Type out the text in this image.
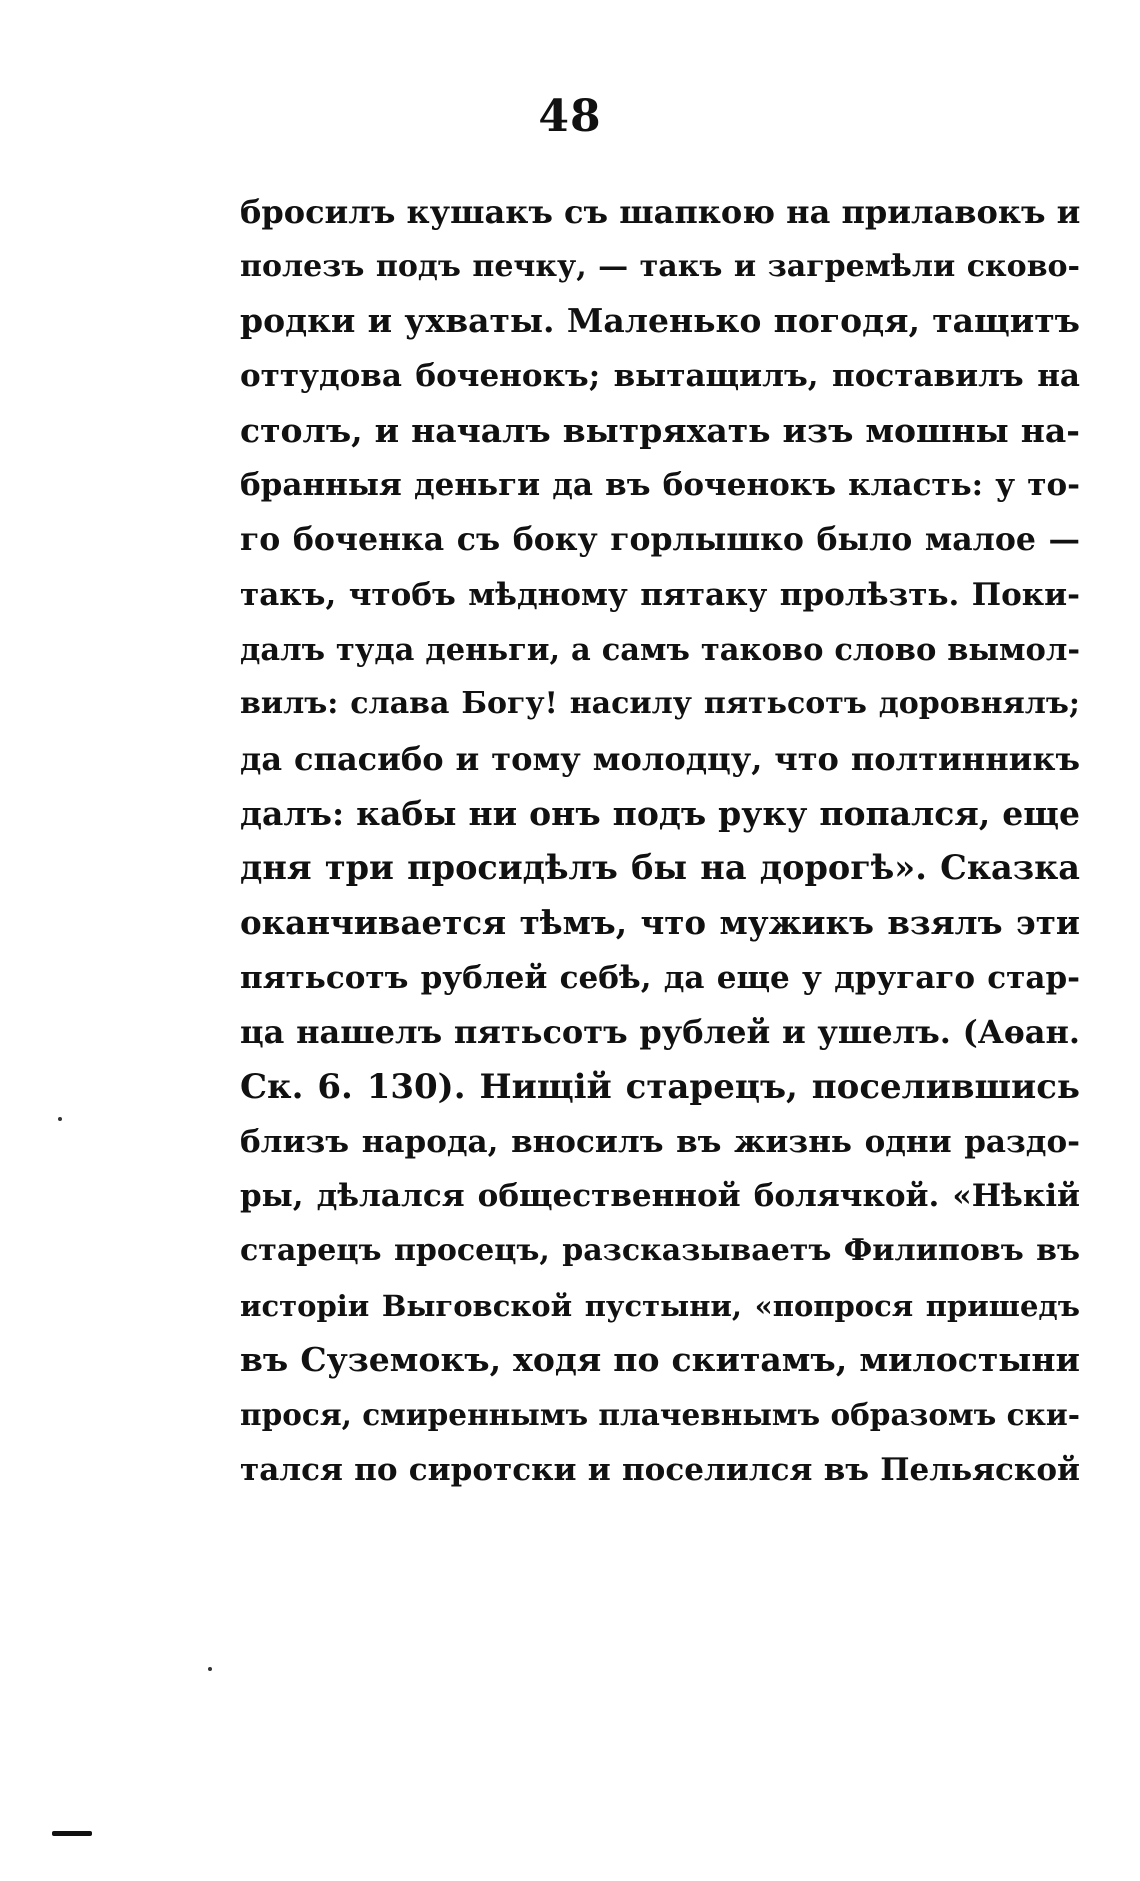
48
бросилъ кушакъ съ шапкою на прилавокъ и
полезъ подъ печку, — такъ и загремѣли сково-
родки и ухваты. Маленько погодя, тащитъ
оттудова боченокъ; вытащилъ, поставилъ на
столъ, и началъ вытряхать изъ мошны на-
бранныя деньги да въ боченокъ класть: у то-
го боченка съ боку горлышко было малое —
такъ, чтобъ мѣдному пятаку пролѣзть. Поки-
далъ туда деньги, а самъ таково слово вымол-
вилъ: слава Богу! насилу пятьсотъ доровнялъ;
да спасибо и тому молодцу, что полтинникъ
далъ: кабы ни онъ подъ руку попался, еще
дня три просидѣлъ бы на дорогѣ». Сказка
оканчивается тѣмъ, что мужикъ взялъ эти
пятьсотъ рублей себѣ, да еще у другаго стар-
ца нашелъ пятьсотъ рублей и ушелъ. (Аѳан.
Ск. 6. 130). Нищій старецъ, поселившись
близъ народа, вносилъ въ жизнь одни раздо-
ры, дѣлался общественной болячкой. «Нѣкій
старецъ просецъ, разсказываетъ Филиповъ въ
исторіи Выговской пустыни, «попрося пришедъ
въ Суземокъ, ходя по скитамъ, милостыни
прося, смиреннымъ плачевнымъ образомъ ски-
тался по сиротски и поселился въ Пельяской
